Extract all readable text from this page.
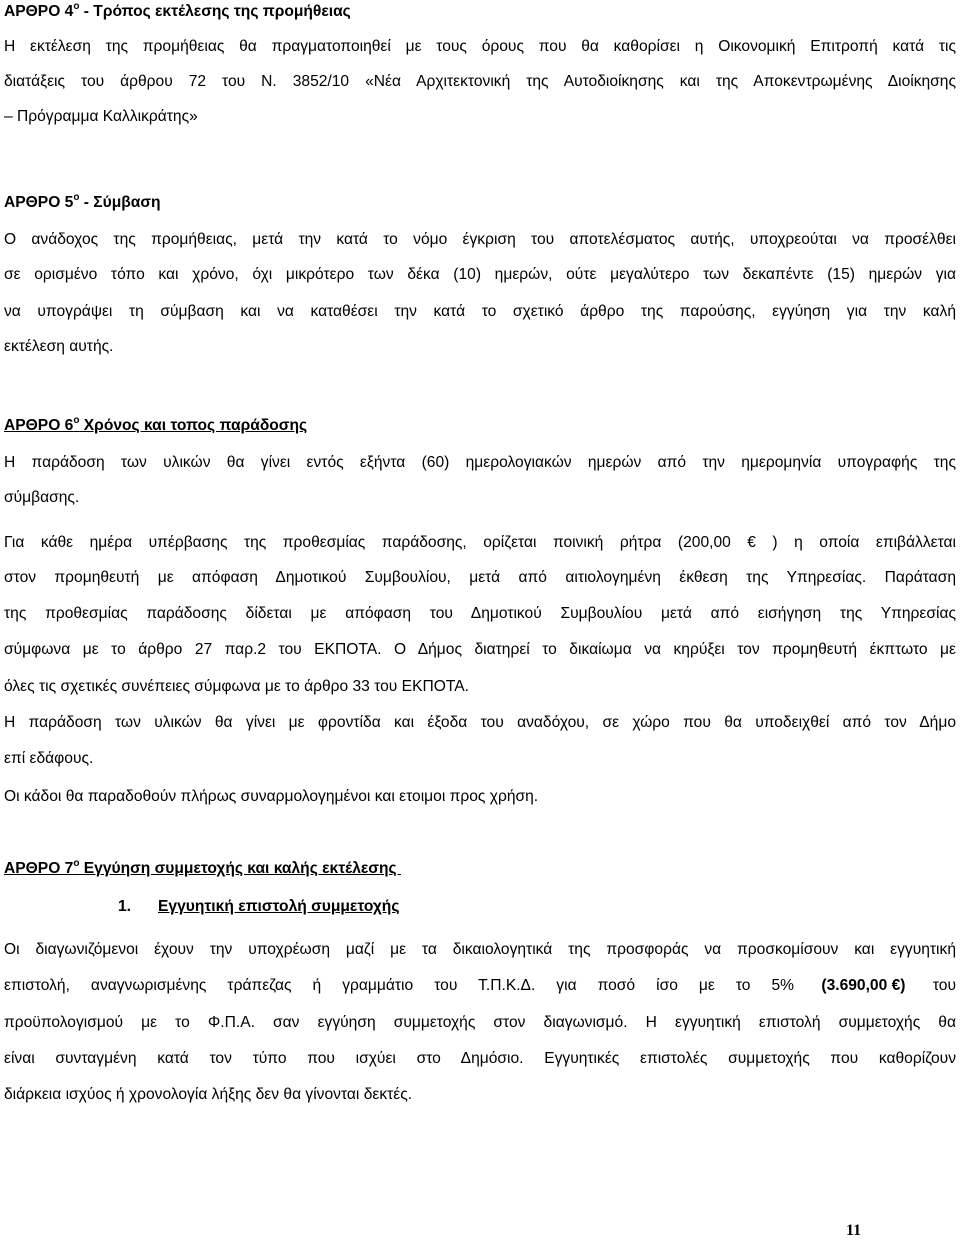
ΑΡΘΡΟ $4^o$ - Τρόπος εκτέλεσης της προμήθειας
Η εκτέλεση της προμήθειας θα πραγματοποιηθεί με τους όρους που θα καθορίσει η Οικονομική Επιτροπή κατά τις
διατάξεις του άρθρου 72 του Ν. 3852/10 «Νέα Αρχιτεκτονική της Αυτοδιοίκησης και της Αποκεντρωμένης Διοίκησης
– Πρόγραμμα Καλλικράτης»
ΑΡΘΡΟ $5^o$ - Σύμβαση
Ο ανάδοχος της προμήθειας, μετά την κατά το νόμο έγκριση του αποτελέσματος αυτής, υποχρεούται να προσέλθει
σε ορισμένο τόπο και χρόνο, όχι μικρότερο των δέκα (10) ημερών, ούτε μεγαλύτερο των δεκαπέντε (15) ημερών για
να υπογράψει τη σύμβαση και να καταθέσει την κατά το σχετικό άρθρο της παρούσης, εγγύηση για την καλή
εκτέλεση αυτής.
ΑΡΘΡΟ $6^o$ Χρόνος και τοπος παράδοσης
Η παράδοση των υλικών θα γίνει εντός εξήντα (60) ημερολογιακών ημερών από την ημερομηνία υπογραφής της
σύμβασης.
Για κάθε ημέρα υπέρβασης της προθεσμίας παράδοσης, ορίζεται ποινική ρήτρα (200,00 € ) η οποία επιβάλλεται
στον προμηθευτή με απόφαση Δημοτικού Συμβουλίου, μετά από αιτιολογημένη έκθεση της Υπηρεσίας. Παράταση
της προθεσμίας παράδοσης δίδεται με απόφαση του Δημοτικού Συμβουλίου μετά από εισήγηση της Υπηρεσίας
σύμφωνα με το άρθρο 27 παρ.2 του ΕΚΠΟΤΑ. Ο Δήμος διατηρεί το δικαίωμα να κηρύξει τον προμηθευτή έκπτωτο με
όλες τις σχετικές συνέπειες σύμφωνα με το άρθρο 33 του ΕΚΠΟΤΑ.
Η παράδοση των υλικών θα γίνει με φροντίδα και έξοδα του αναδόχου, σε χώρο που θα υποδειχθεί από τον Δήμο
επί εδάφους.
Οι κάδοι θα παραδοθούν πλήρως συναρμολογημένοι και ετοιμοι προς χρήση.
ΑΡΘΡΟ $7^o$ Εγγύηση συμμετοχής και καλής εκτέλεσης
1. Εγγυητική επιστολή συμμετοχής
Οι διαγωνιζόμενοι έχουν την υποχρέωση μαζί με τα δικαιολογητικά της προσφοράς να προσκομίσουν και εγγυητική
επιστολή, αναγνωρισμένης τράπεζας ή γραμμάτιο του Τ.Π.Κ.Δ. για ποσό ίσο με το 5% (3.690,00 €) του
προϋπολογισμού με το Φ.Π.Α. σαν εγγύηση συμμετοχής στον διαγωνισμό. Η εγγυητική επιστολή συμμετοχής θα
είναι συνταγμένη κατά τον τύπο που ισχύει στο Δημόσιο. Εγγυητικές επιστολές συμμετοχής που καθορίζουν
διάρκεια ισχύος ή χρονολογία λήξης δεν θα γίνονται δεκτές.
11
